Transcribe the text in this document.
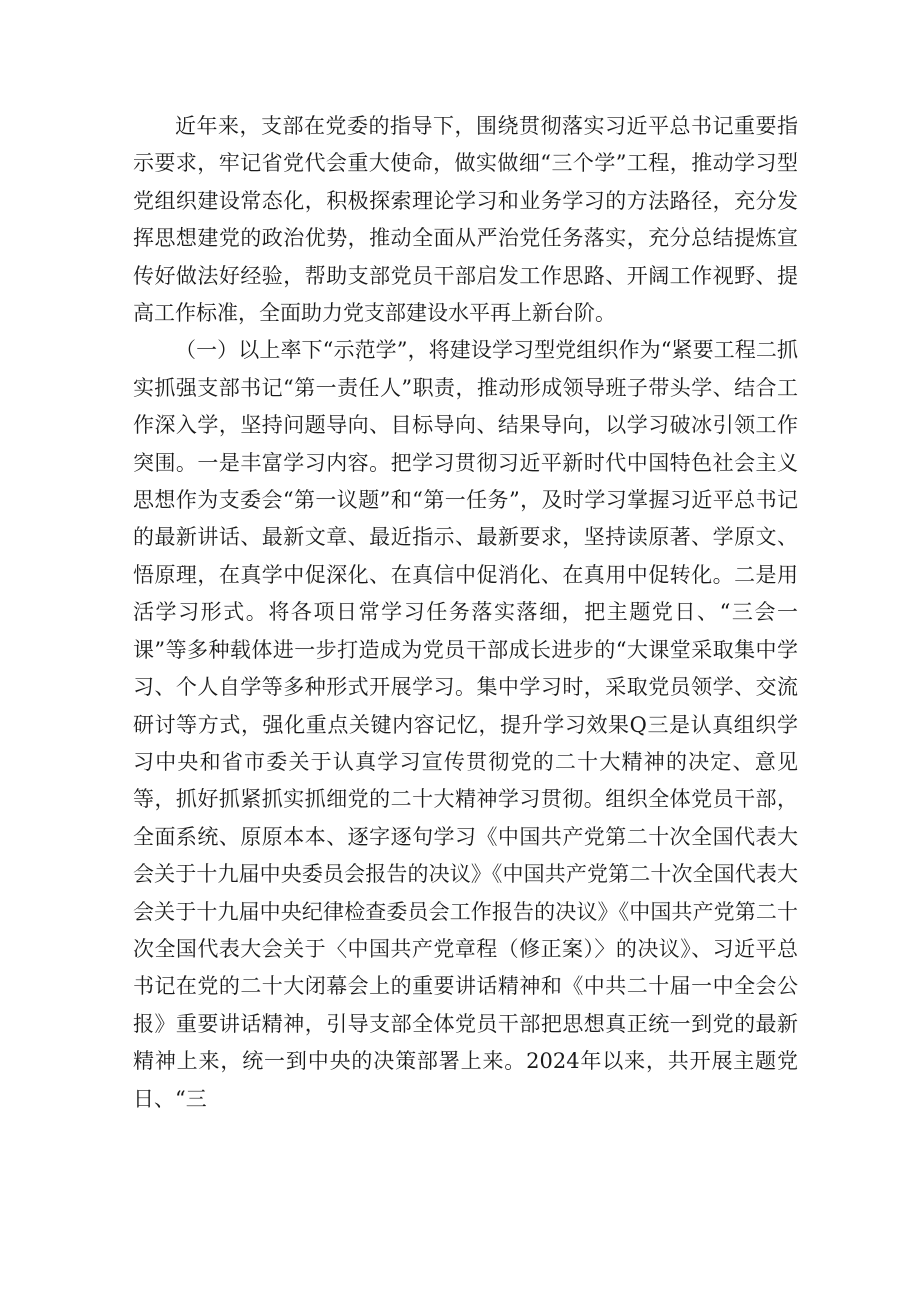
近年来，支部在党委的指导下，围绕贯彻落实习近平总书记重要指示要求，牢记省党代会重大使命，做实做细“三个学”工程，推动学习型党组织建设常态化，积极探索理论学习和业务学习的方法路径，充分发挥思想建党的政治优势，推动全面从严治党任务落实，充分总结提炼宣传好做法好经验，帮助支部党员干部启发工作思路、开阔工作视野、提高工作标准，全面助力党支部建设水平再上新台阶。

（一）以上率下“示范学”，将建设学习型党组织作为“紧要工程二抓实抓强支部书记“第一责任人”职责，推动形成领导班子带头学、结合工作深入学，坚持问题导向、目标导向、结果导向，以学习破冰引领工作突围。一是丰富学习内容。把学习贯彻习近平新时代中国特色社会主义思想作为支委会“第一议题”和“第一任务”，及时学习掌握习近平总书记的最新讲话、最新文章、最近指示、最新要求，坚持读原著、学原文、悟原理，在真学中促深化、在真信中促消化、在真用中促转化。二是用活学习形式。将各项日常学习任务落实落细，把主题党日、“三会一课”等多种载体进一步打造成为党员干部成长进步的“大课堂采取集中学习、个人自学等多种形式开展学习。集中学习时，采取党员领学、交流研讨等方式，强化重点关键内容记忆，提升学习效果Q三是认真组织学习中央和省市委关于认真学习宣传贯彻党的二十大精神的决定、意见等，抓好抓紧抓实抓细党的二十大精神学习贯彻。组织全体党员干部，全面系统、原原本本、逐字逐句学习《中国共产党第二十次全国代表大会关于十九届中央委员会报告的决议》《中国共产党第二十次全国代表大会关于十九届中央纪律检查委员会工作报告的决议》《中国共产党第二十次全国代表大会关于〈中国共产党章程（修正案）〉的决议》、习近平总书记在党的二十大闭幕会上的重要讲话精神和《中共二十届一中全会公报》重要讲话精神，引导支部全体党员干部把思想真正统一到党的最新精神上来，统一到中央的决策部署上来。2024年以来，共开展主题党日、“三
